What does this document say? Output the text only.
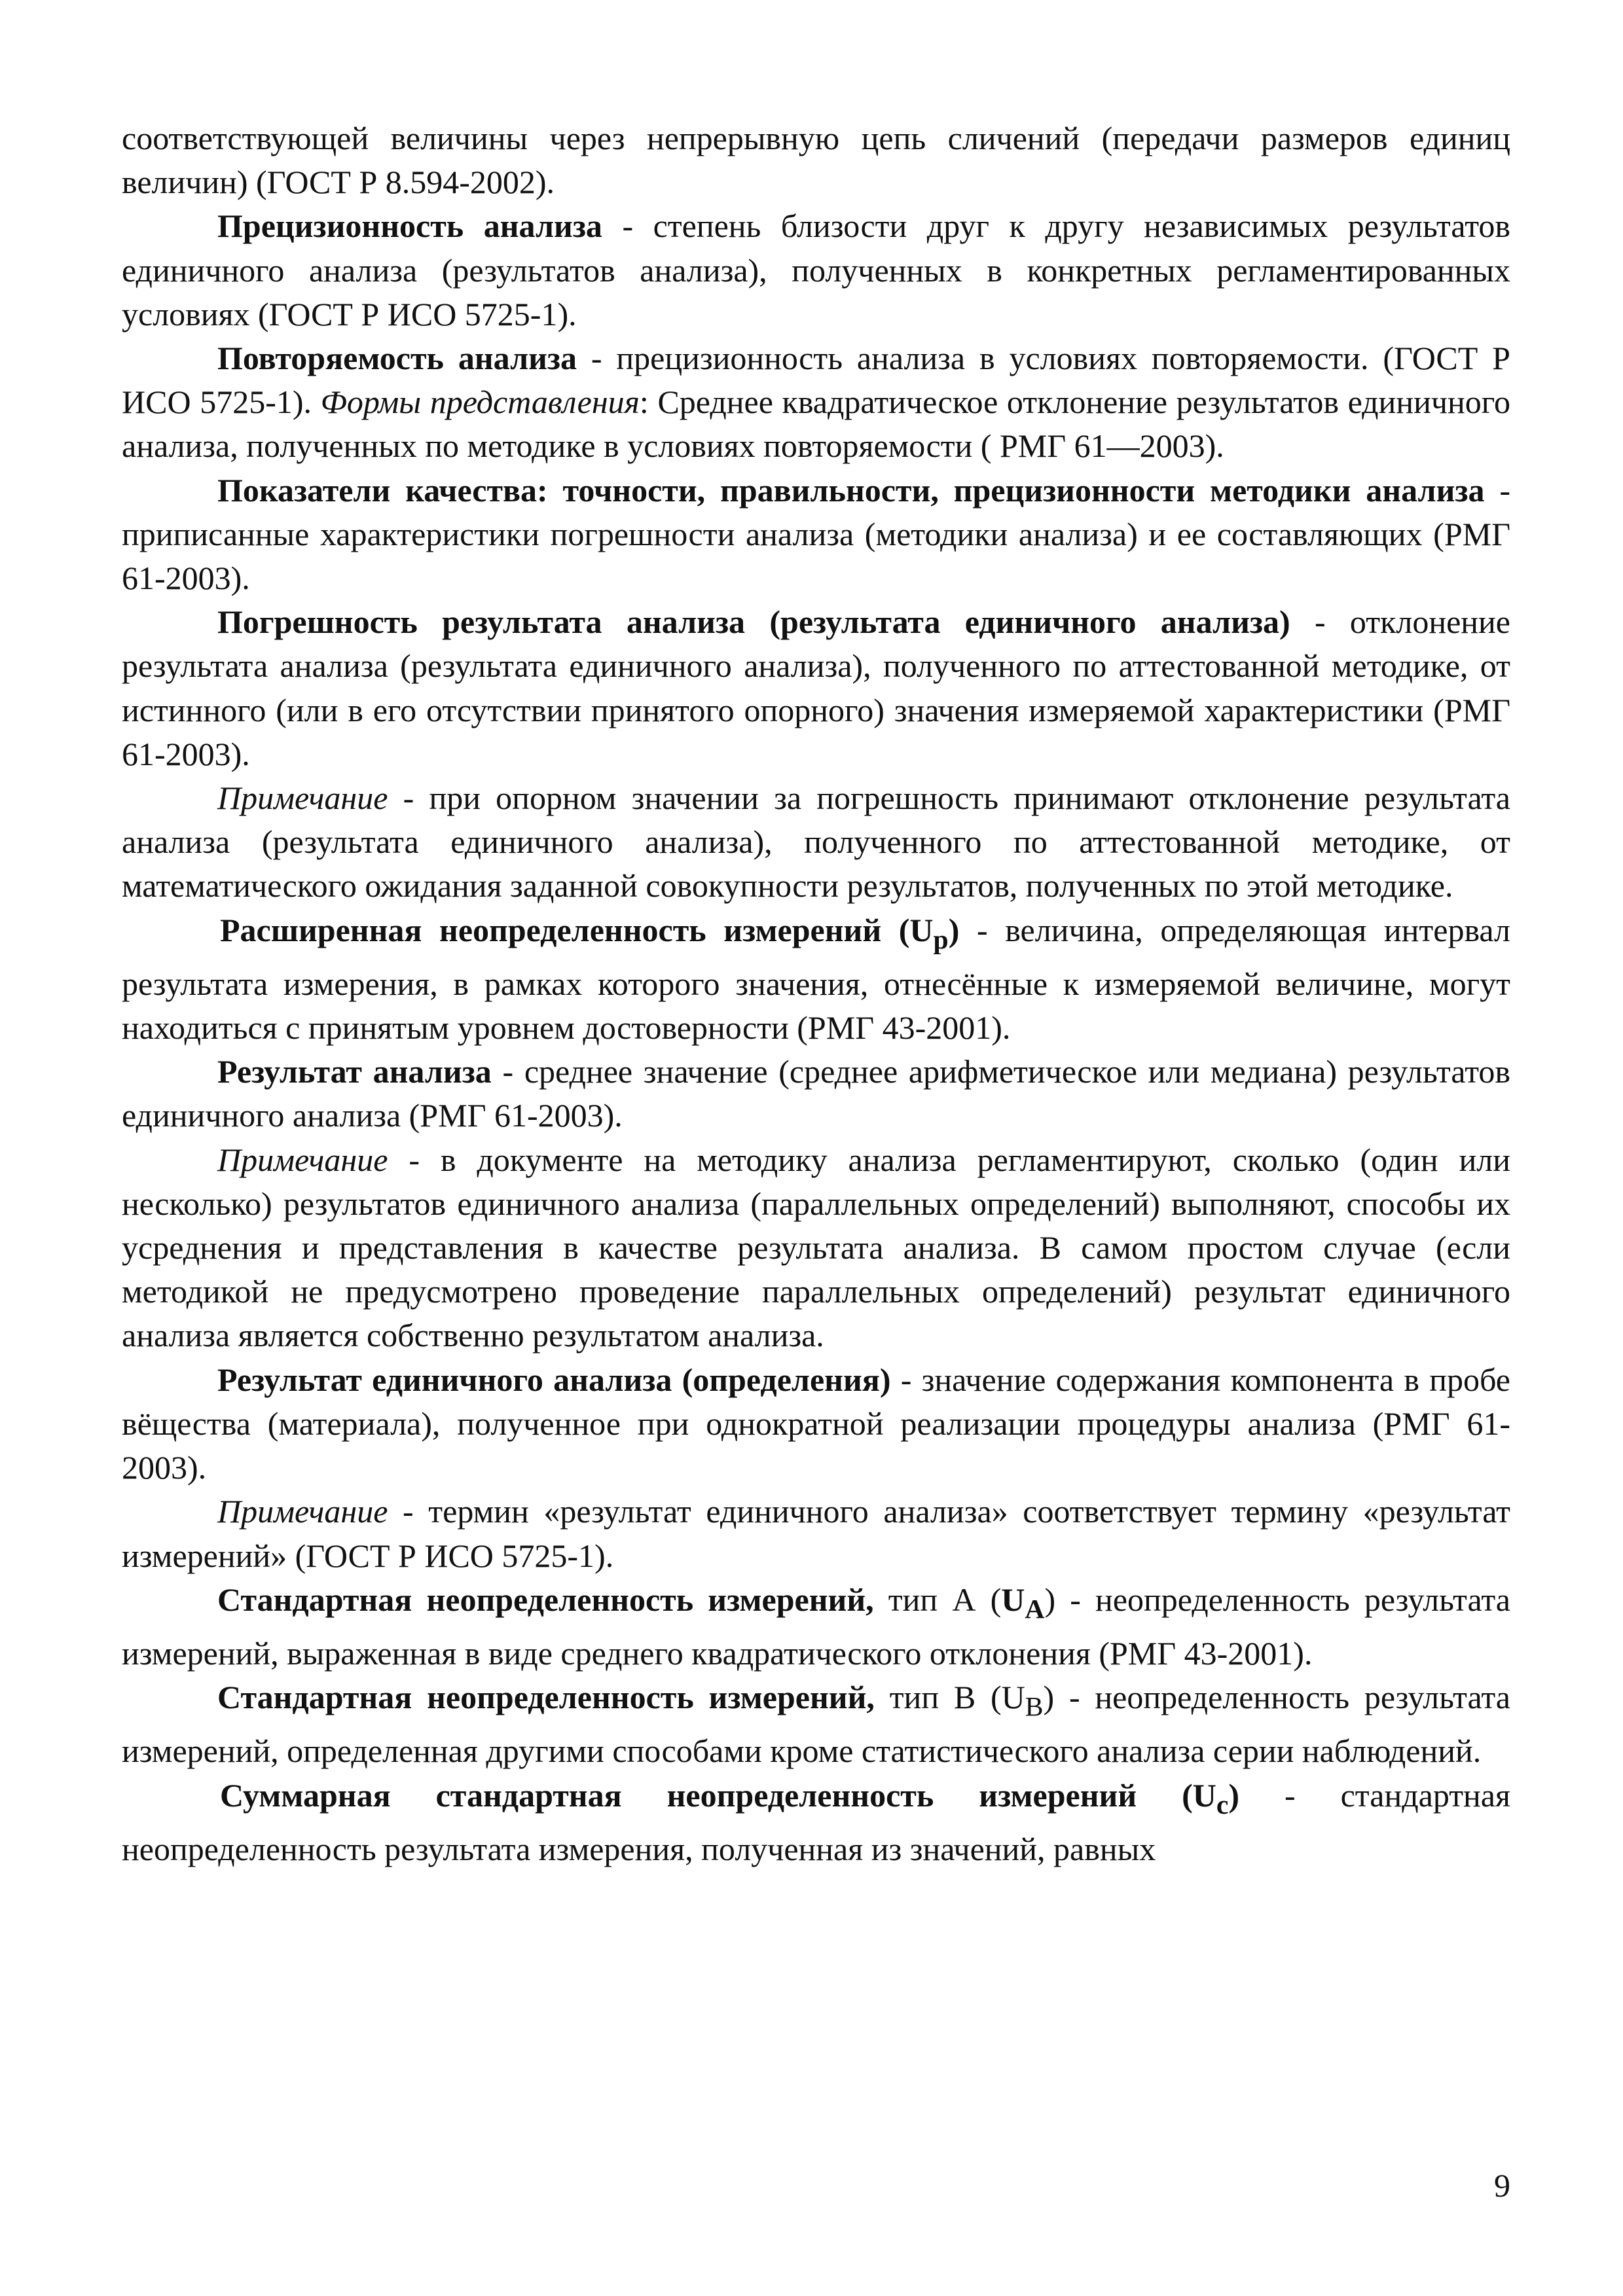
соответствующей величины через непрерывную цепь сличений (передачи размеров единиц величин) (ГОСТ Р 8.594-2002).

Прецизионность анализа - степень близости друг к другу независимых результатов единичного анализа (результатов анализа), полученных в конкретных регламентированных условиях (ГОСТ Р ИСО 5725-1).

Повторяемость анализа - прецизионность анализа в условиях повторяемости. (ГОСТ Р ИСО 5725-1). Формы представления: Среднее квадратическое отклонение результатов единичного анализа, полученных по методике в условиях повторяемости ( РМГ 61—2003).

Показатели качества: точности, правильности, прецизионности методики анализа - приписанные характеристики погрешности анализа (методики анализа) и ее составляющих (РМГ 61-2003).

Погрешность результата анализа (результата единичного анализа) - отклонение результата анализа (результата единичного анализа), полученного по аттестованной методике, от истинного (или в его отсутствии принятого опорного) значения измеряемой характеристики (РМГ 61-2003).

Примечание - при опорном значении за погрешность принимают отклонение результата анализа (результата единичного анализа), полученного по аттестованной методике, от математического ожидания заданной совокупности результатов, полученных по этой методике.

Расширенная неопределенность измерений $(U_р)$ - величина, определяющая интервал результата измерения, в рамках которого значения, отнесённые к измеряемой величине, могут находиться с принятым уровнем достоверности (РМГ 43-2001).

Результат анализа - среднее значение (среднее арифметическое или медиана) результатов единичного анализа (РМГ 61-2003).

Примечание - в документе на методику анализа регламентируют, сколько (один или несколько) результатов единичного анализа (параллельных определений) выполняют, способы их усреднения и представления в качестве результата анализа. В самом простом случае (если методикой не предусмотрено проведение параллельных определений) результат единичного анализа является собственно результатом анализа.

Результат единичного анализа (определения) - значение содержания компонента в пробе вёщества (материала), полученное при однократной реализации процедуры анализа (РМГ 61-2003).

Примечание - термин «результат единичного анализа» соответствует термину «результат измерений» (ГОСТ Р ИСО 5725-1).

Стандартная неопределенность измерений, тип А $(U_A)$ - неопределенность результата измерений, выраженная в виде среднего квадратического отклонения (РМГ 43-2001).

Стандартная неопределенность измерений, тип В $(U_B)$ - неопределенность результата измерений, определенная другими способами кроме статистического анализа серии наблюдений.

Суммарная стандартная неопределенность измерений $(U_c)$ - стандартная неопределенность результата измерения, полученная из значений, равных

9
